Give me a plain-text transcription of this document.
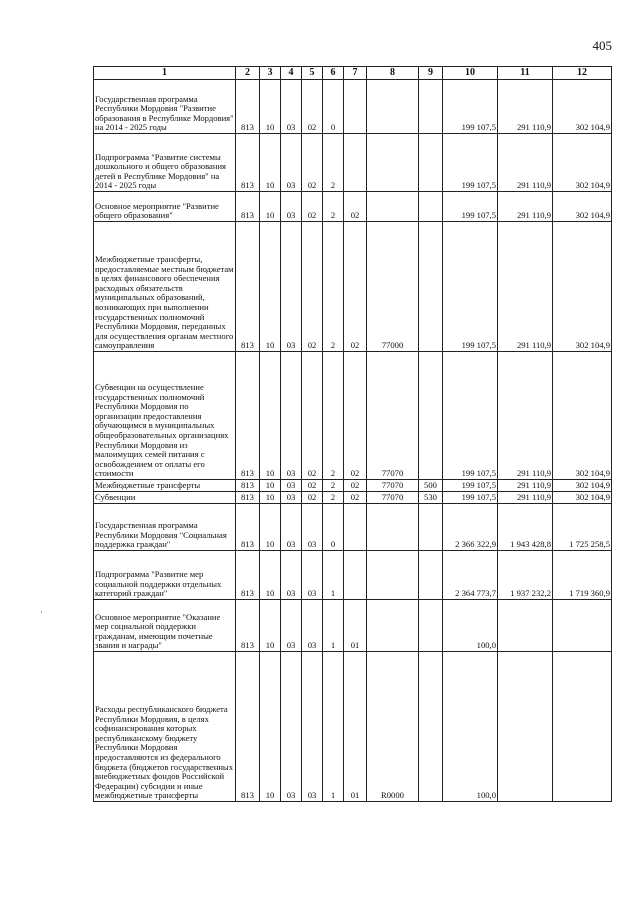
405
1	2	3	4	5	6	7	8	9	10	11	12
Государственная программа Республики Мордовия "Развитие образования в Республике Мордовия" на 2014 - 2025 годы	813	10	03	02	0				199 107,5	291 110,9	302 104,9
Подпрограмма "Развитие системы дошкольного и общего образования детей в Республике Мордовия" на 2014 - 2025 годы	813	10	03	02	2				199 107,5	291 110,9	302 104,9
Основное мероприятие "Развитие общего образования"	813	10	03	02	2	02			199 107,5	291 110,9	302 104,9
Межбюджетные трансферты, предоставляемые местным бюджетам в целях финансового обеспечения расходных обязательств муниципальных образований, возникающих при выполнении государственных полномочий Республики Мордовия, переданных для осуществления органам местного самоуправления	813	10	03	02	2	02	77000		199 107,5	291 110,9	302 104,9
Субвенции на осуществление государственных полномочий Республики Мордовия по организации предоставления обучающимся в муниципальных общеобразовательных организациях Республики Мордовия из малоимущих семей питания с освобождением от оплаты его стоимости	813	10	03	02	2	02	77070		199 107,5	291 110,9	302 104,9
Межбюджетные трансферты	813	10	03	02	2	02	77070	500	199 107,5	291 110,9	302 104,9
Субвенции	813	10	03	02	2	02	77070	530	199 107,5	291 110,9	302 104,9
Государственная программа Республики Мордовия "Социальная поддержка граждан"	813	10	03	03	0				2 366 322,9	1 943 428,8	1 725 258,5
Подпрограмма "Развитие мер социальной поддержки отдельных категорий граждан"	813	10	03	03	1				2 364 773,7	1 937 232,2	1 719 360,9
Основное мероприятие "Оказание мер социальной поддержки гражданам, имеющим почетные звания и награды"	813	10	03	03	1	01			100,0		
Расходы республиканского бюджета Республики Мордовия, в целях софинансирования которых республиканскому бюджету Республики Мордовия предоставляются из федерального бюджета (бюджетов государственных внебюджетных фондов Российской Федерации) субсидии и иные межбюджетные трансферты	813	10	03	03	1	01	R0000		100,0		
‚
